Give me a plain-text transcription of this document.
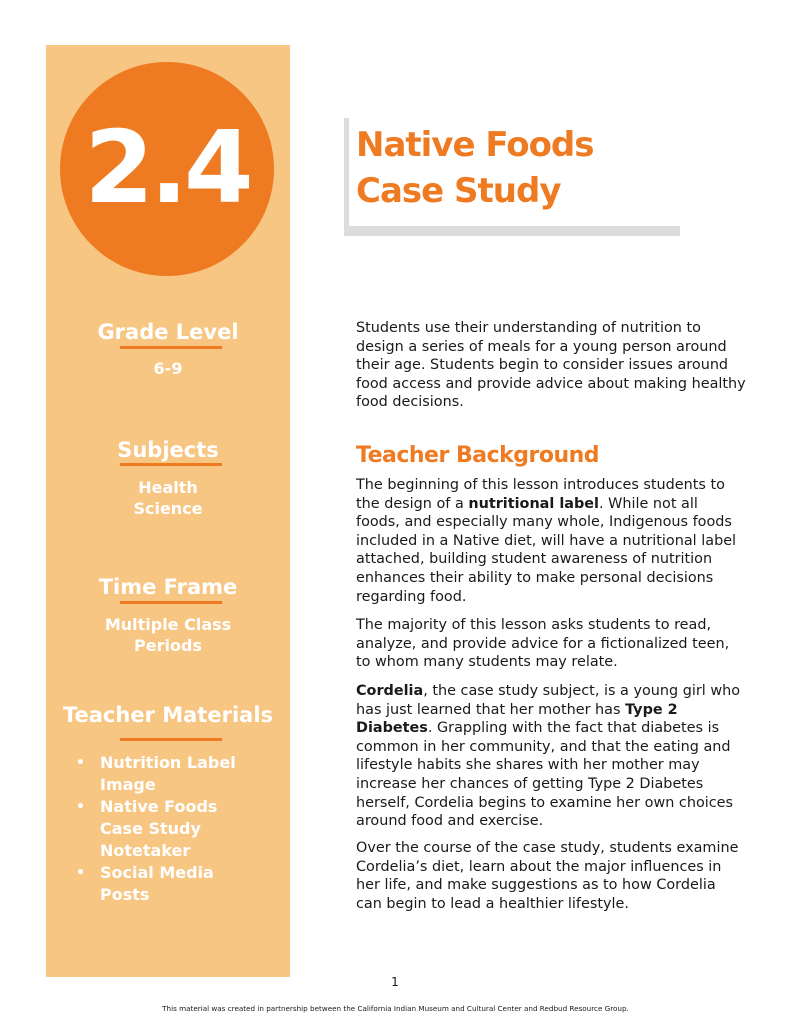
2.4
Grade Level
6-9
Subjects
Health
Science
Time Frame
Multiple Class
Periods
Teacher Materials
• Nutrition Label
Image
• Native Foods
Case Study
Notetaker
• Social Media
Posts
Native Foods
Case Study

Students use their understanding of nutrition to design a series of meals for a young person around their age. Students begin to consider issues around food access and provide advice about making healthy food decisions.

Teacher Background

The beginning of this lesson introduces students to the design of a nutritional label. While not all foods, and especially many whole, Indigenous foods included in a Native diet, will have a nutritional label attached, building student awareness of nutrition enhances their ability to make personal decisions regarding food.

The majority of this lesson asks students to read, analyze, and provide advice for a fictionalized teen, to whom many students may relate.

Cordelia, the case study subject, is a young girl who has just learned that her mother has Type 2 Diabetes. Grappling with the fact that diabetes is common in her community, and that the eating and lifestyle habits she shares with her mother may increase her chances of getting Type 2 Diabetes herself, Cordelia begins to examine her own choices around food and exercise.

Over the course of the case study, students examine Cordelia’s diet, learn about the major influences in her life, and make suggestions as to how Cordelia can begin to lead a healthier lifestyle.

1
This material was created in partnership between the California Indian Museum and Cultural Center and Redbud Resource Group.
